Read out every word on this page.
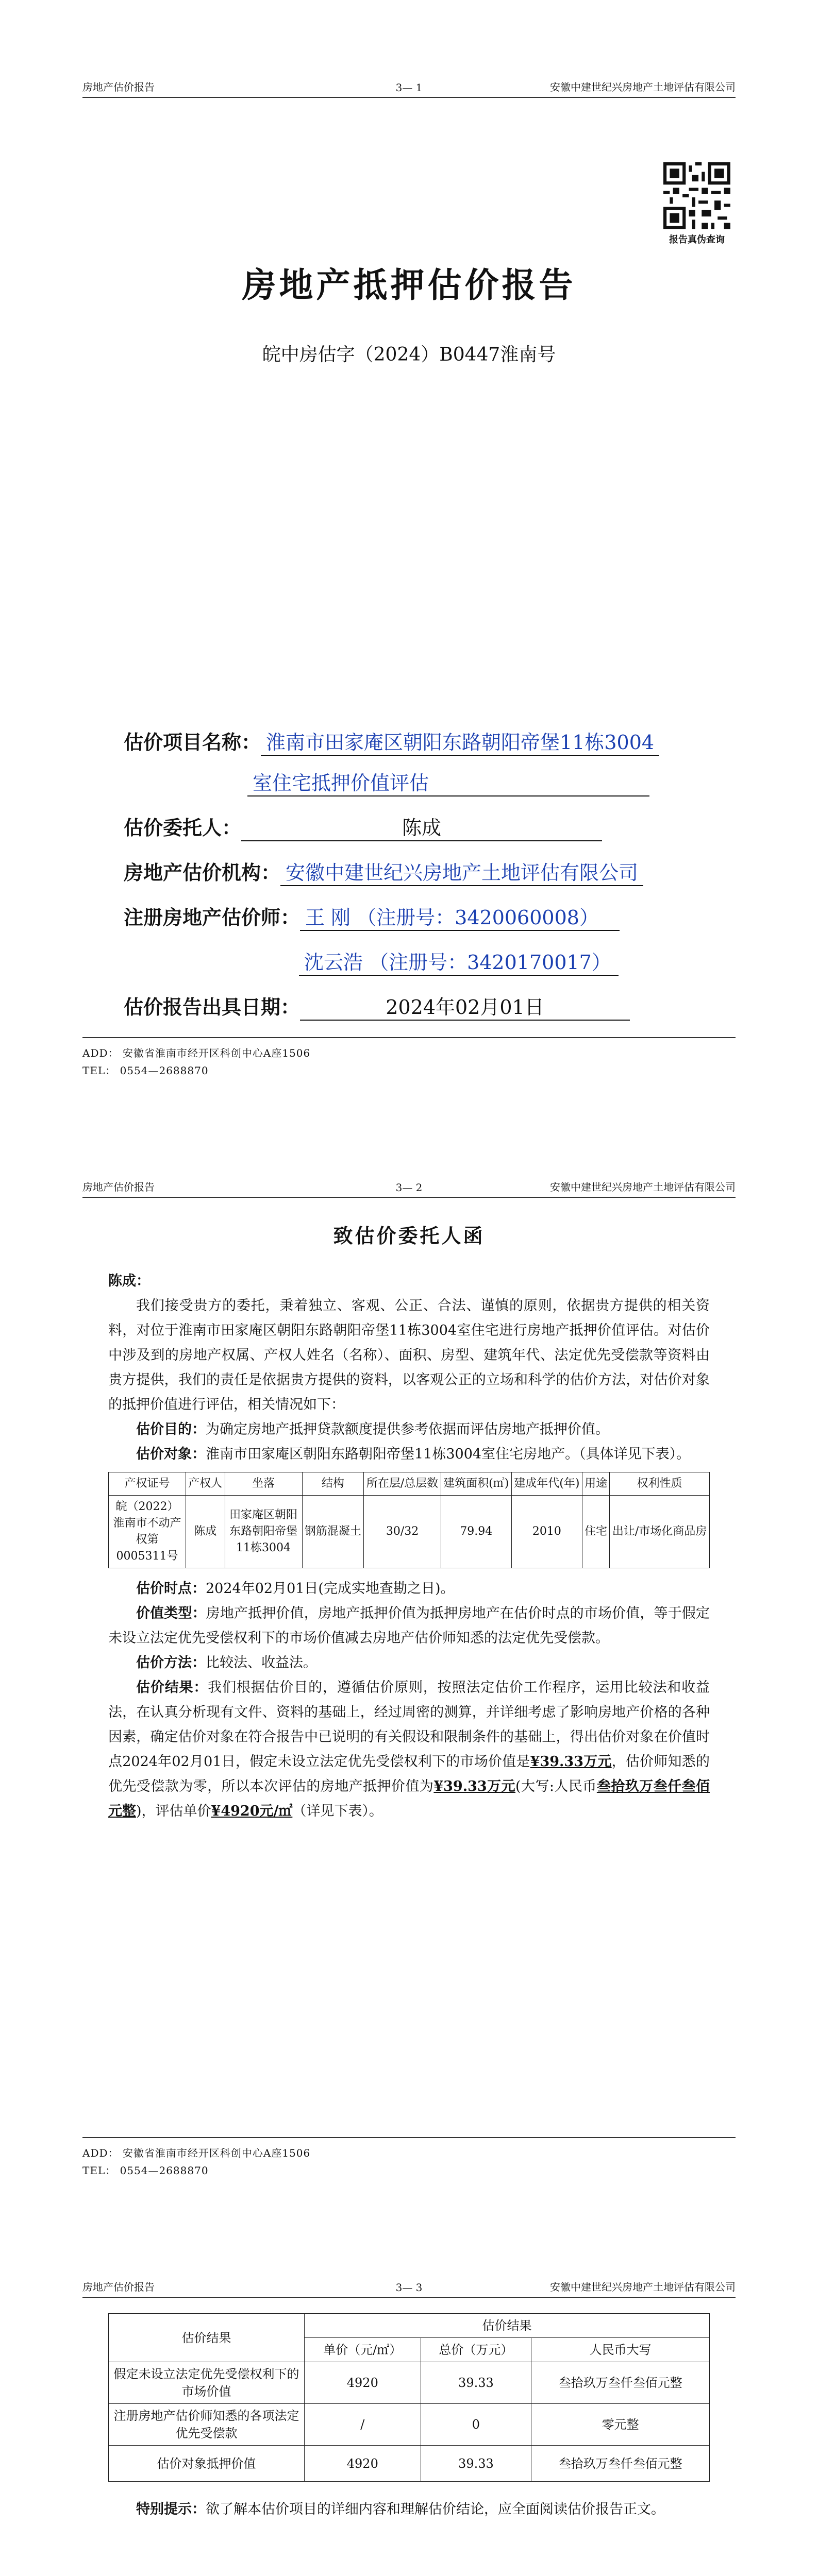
房地产估价报告	3— 1	安徽中建世纪兴房地产土地评估有限公司
报告真伪查询
房地产抵押估价报告
皖中房估字（2024）B0447淮南号
估价项目名称： 淮南市田家庵区朝阳东路朝阳帝堡11栋3004
室住宅抵押价值评估
估价委托人：	陈成
房地产估价机构： 安徽中建世纪兴房地产土地评估有限公司
注册房地产估价师： 王 刚 （注册号：3420060008）
沈云浩 （注册号：3420170017）
估价报告出具日期：	2024年02月01日
ADD： 安徽省淮南市经开区科创中心A座1506
TEL： 0554—2688870
房地产估价报告	3— 2	安徽中建世纪兴房地产土地评估有限公司
致估价委托人函

陈成：

我们接受贵方的委托，秉着独立、客观、公正、合法、谨慎的原则，依据贵方提供的相关资料，对位于淮南市田家庵区朝阳东路朝阳帝堡11栋3004室住宅进行房地产抵押价值评估。对估价中涉及到的房地产权属、产权人姓名（名称）、面积、房型、建筑年代、法定优先受偿款等资料由贵方提供，我们的责任是依据贵方提供的资料，以客观公正的立场和科学的估价方法，对估价对象的抵押价值进行评估，相关情况如下：

估价目的：为确定房地产抵押贷款额度提供参考依据而评估房地产抵押价值。

估价对象：淮南市田家庵区朝阳东路朝阳帝堡11栋3004室住宅房地产。（具体详见下表）。

产权证号	产权人	坐落	结构	所在层/总层数	建筑面积(㎡)	建成年代(年)	用途	权利性质
皖（2022）淮南市不动产权第0005311号	陈成	田家庵区朝阳东路朝阳帝堡11栋3004	钢筋混凝土	30/32	79.94	2010	住宅	出让/市场化商品房

估价时点：2024年02月01日(完成实地查勘之日)。

价值类型：房地产抵押价值，房地产抵押价值为抵押房地产在估价时点的市场价值，等于假定未设立法定优先受偿权利下的市场价值减去房地产估价师知悉的法定优先受偿款。

估价方法：比较法、收益法。

估价结果：我们根据估价目的，遵循估价原则，按照法定估价工作程序，运用比较法和收益法，在认真分析现有文件、资料的基础上，经过周密的测算，并详细考虑了影响房地产价格的各种因素，确定估价对象在符合报告中已说明的有关假设和限制条件的基础上，得出估价对象在价值时点2024年02月01日，假定未设立法定优先受偿权利下的市场价值是¥39.33万元，估价师知悉的优先受偿款为零，所以本次评估的房地产抵押价值为¥39.33万元(大写:人民币叁拾玖万叁仟叁佰元整)，评估单价¥4920元/㎡（详见下表）。

ADD： 安徽省淮南市经开区科创中心A座1506
TEL： 0554—2688870
房地产估价报告	3— 3	安徽中建世纪兴房地产土地评估有限公司
估价结果	估价结果		
	单价（元/㎡）	总价（万元）	人民币大写
假定未设立法定优先受偿权利下的市场价值	4920	39.33	叁拾玖万叁仟叁佰元整
注册房地产估价师知悉的各项法定优先受偿款	/	0	零元整
估价对象抵押价值	4920	39.33	叁拾玖万叁仟叁佰元整

特别提示：欲了解本估价项目的详细内容和理解估价结论，应全面阅读估价报告正文。
